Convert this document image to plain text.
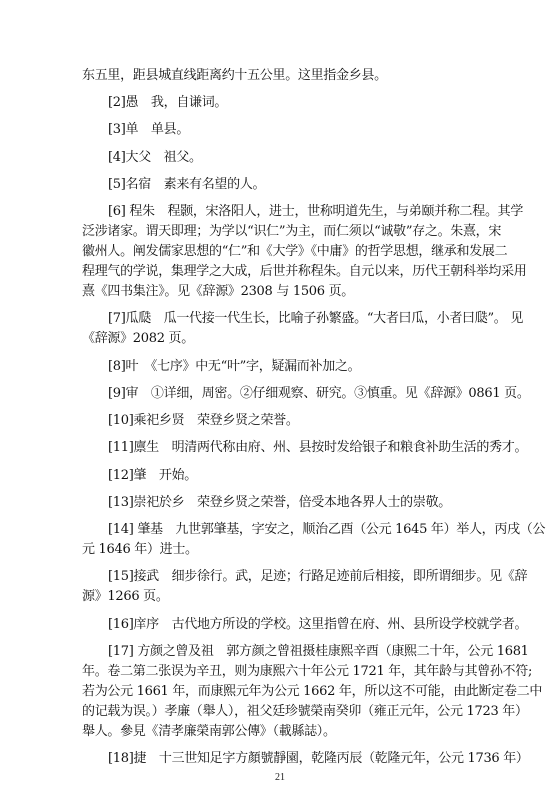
东五里，距县城直线距离约十五公里。这里指金乡县。
[2]愚　我，自谦词。
[3]单　单县。
[4]大父　祖父。
[5]名宿　素来有名望的人。
[6] 程朱　程颢，宋洛阳人，进士，世称明道先生，与弟颐并称二程。其学
泛涉诸家。谓天即理；为学以“识仁”为主，而仁须以“诚敬”存之。朱熹，宋
徽州人。阐发儒家思想的“仁”和《大学》《中庸》的哲学思想，继承和发展二
程理气的学说，集理学之大成，后世并称程朱。自元以来，历代王朝科举均采用
熹《四书集注》。见《辞源》2308 与 1506 页。
[7]瓜瓞　瓜一代接一代生长，比喻子孙繁盛。“大者曰瓜，小者曰瓞”。 见
《辞源》2082 页。
[8]叶　《七序》中无“叶”字，疑漏而补加之。
[9]审　①详细，周密。②仔细观察、研究。③慎重。见《辞源》0861 页。
[10]乘祀乡贤　荣登乡贤之荣誉。
[11]廪生　明清两代称由府、州、县按时发给银子和粮食补助生活的秀才。
[12]肇　开始。
[13]崇祀於乡　荣登乡贤之荣誉，倍受本地各界人士的崇敬。
[14] 肇基　九世郭肇基，字安之，顺治乙酉（公元 1645 年）举人，丙戌（公
元 1646 年）进士。
[15]接武　细步徐行。武，足迹；行路足迹前后相接，即所谓细步。见《辞
源》1266 页。
[16]庠序　古代地方所设的学校。这里指曾在府、州、县所设学校就学者。
[17] 方颜之曾及祖　郭方颜之曾祖摄桂康熙辛酉（康熙二十年，公元 1681
年。卷二第二张误为辛丑，则为康熙六十年公元 1721 年，其年龄与其曾孙不符;
若为公元 1661 年，而康熙元年为公元 1662 年，所以这不可能，由此断定卷二中
的记载为误。）孝廉（舉人），祖父廷珍號榮南癸卯（雍正元年，公元 1723 年）
舉人。參見《清孝廉榮南郭公傳》（載縣誌）。
[18]捷　十三世知足字方顏號靜園，乾隆丙辰（乾隆元年，公元 1736 年）
21
